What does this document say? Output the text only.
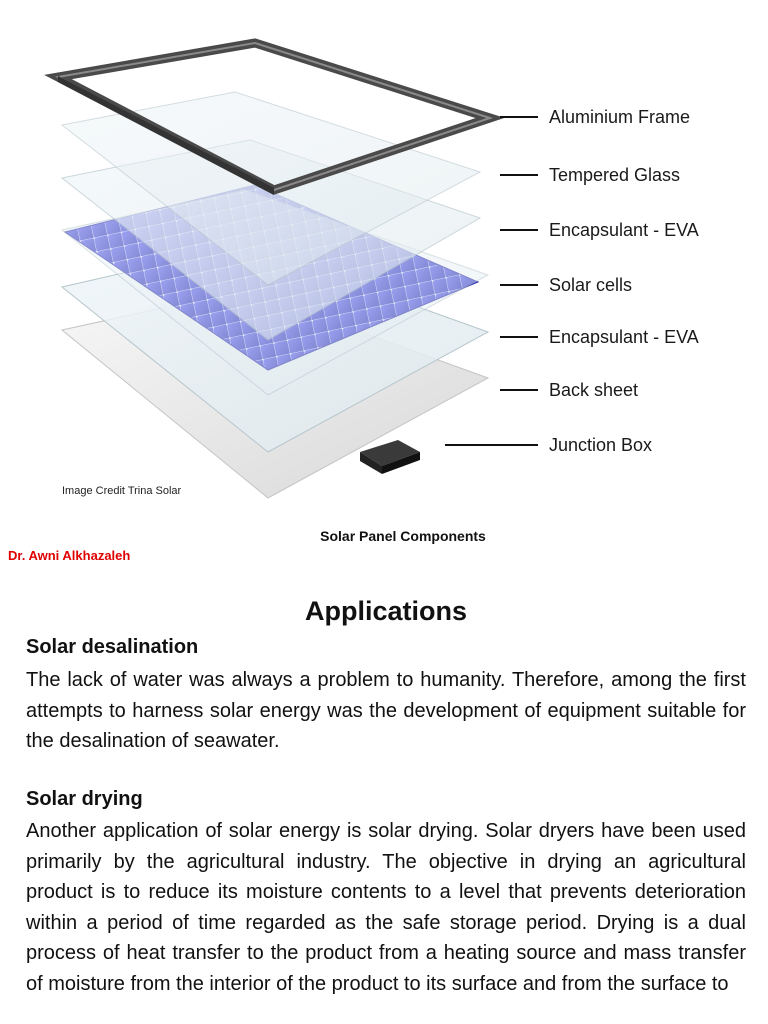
Aluminium Frame
Tempered Glass
Encapsulant - EVA
Solar cells
Encapsulant - EVA
Back sheet
Junction Box
Image Credit Trina Solar
Solar Panel Components
Dr. Awni Alkhazaleh
Applications
Solar desalination

The lack of water was always a problem to humanity. Therefore, among the first attempts to harness solar energy was the development of equipment suitable for the desalination of seawater.

Solar drying

Another application of solar energy is solar drying. Solar dryers have been used primarily by the agricultural industry. The objective in drying an agricultural product is to reduce its moisture contents to a level that prevents deterioration within a period of time regarded as the safe storage period. Drying is a dual process of heat transfer to the product from a heating source and mass transfer of moisture from the interior of the product to its surface and from the surface to
